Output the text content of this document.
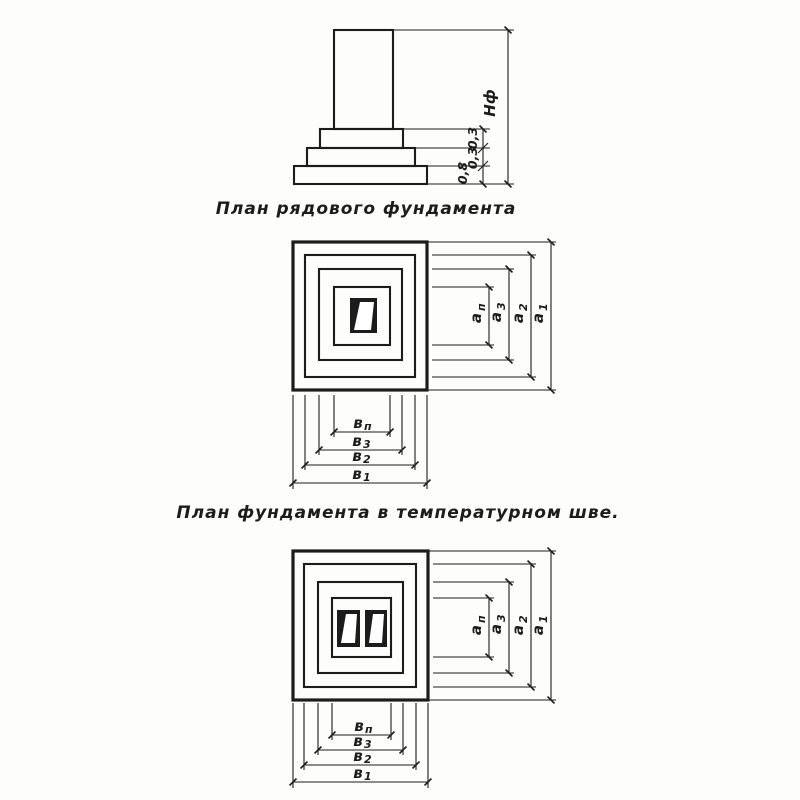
Нф
0,3
0,3
0,8
План рядового фундамента
а
п
а
3
а
2
а
1
в п
в 3
в 2
в 1
План фундамента в температурном шве.
а
п
а
3
а
2
а
1
в п
в 3
в 2
в 1
